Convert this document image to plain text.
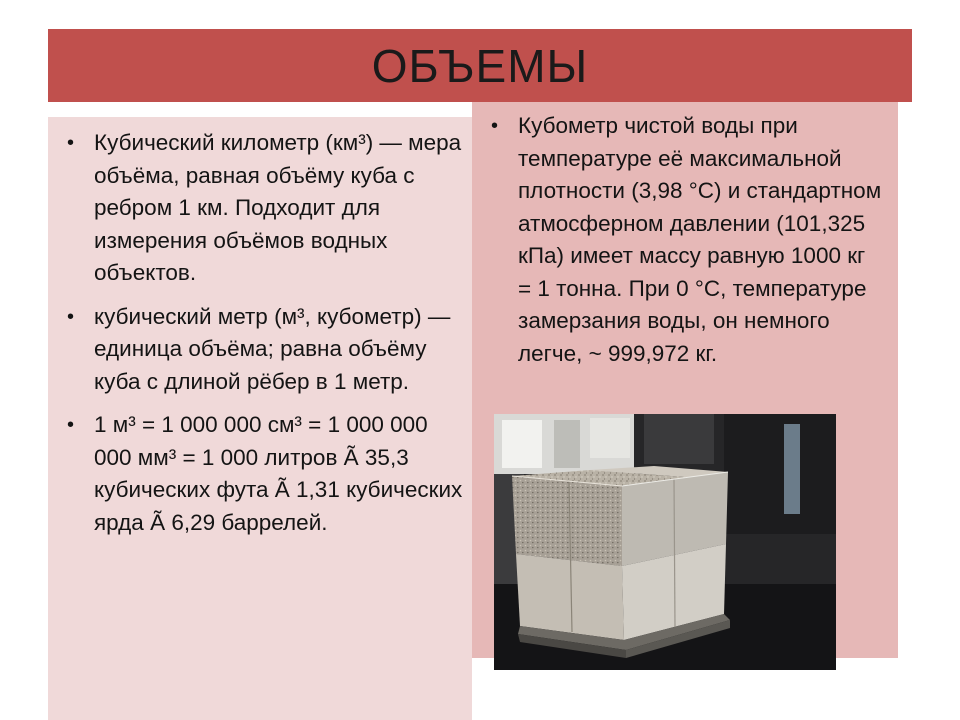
ОБЪЕМЫ
• Кубический километр (км³) — мера объёма, равная объёму куба с ребром 1 км. Подходит для измерения объёмов водных объектов.
• кубический метр (м³, кубометр) — единица объёма; равна объёму куба с длиной рёбер в 1 метр.
• 1 м³ = 1 000 000 см³ = 1 000 000 000 мм³ = 1 000 литров Ã 35,3 кубических фута Ã 1,31 кубических ярда Ã 6,29 баррелей.
• Кубометр чистой воды при температуре её максимальной плотности (3,98 °С) и стандартном атмосферном давлении (101,325 кПа) имеет массу равную 1000 кг = 1 тонна. При 0 °С, температуре замерзания воды, он немного легче, ~ 999,972 кг.
